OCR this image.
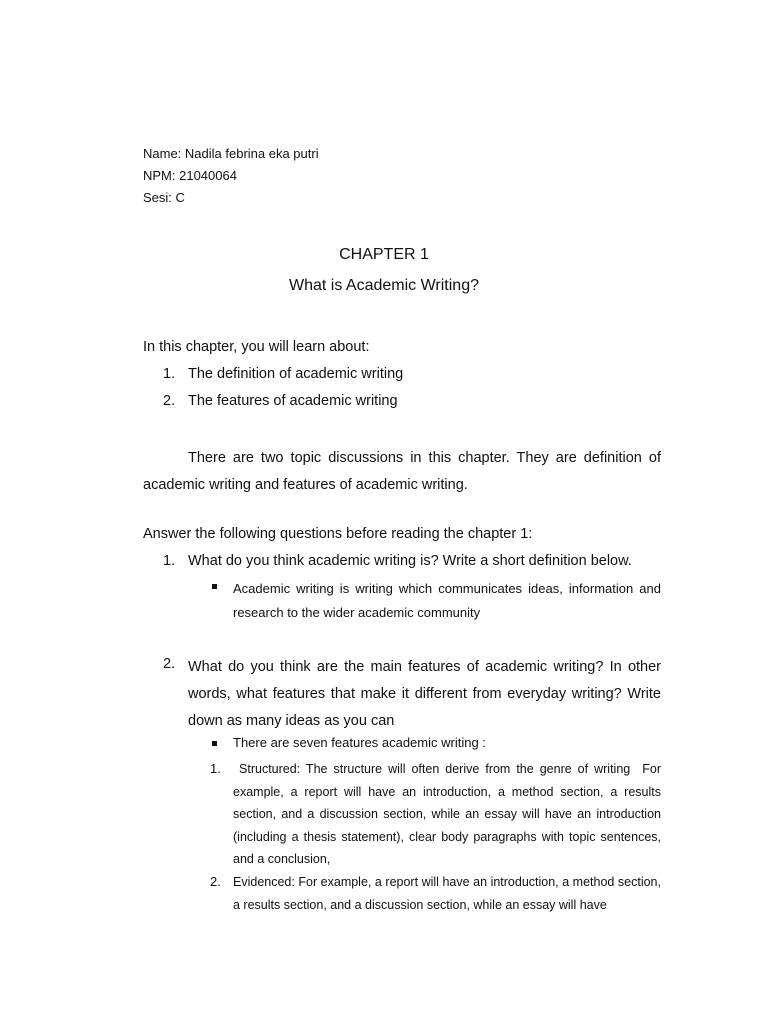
Name: Nadila febrina eka putri
NPM: 21040064
Sesi: C
CHAPTER 1
What is Academic Writing?
In this chapter, you will learn about:
1. The definition of academic writing
2. The features of academic writing
There are two topic discussions in this chapter. They are definition of academic writing and features of academic writing.
Answer the following questions before reading the chapter 1:
1. What do you think academic writing is? Write a short definition below.
Academic writing is writing which communicates ideas, information and research to the wider academic community
2. What do you think are the main features of academic writing? In other words, what features that make it different from everyday writing? Write down as many ideas as you can
There are seven features academic writing :
1. Structured: The structure will often derive from the genre of writing  For example, a report will have an introduction, a method section, a results section, and a discussion section, while an essay will have an introduction (including a thesis statement), clear body paragraphs with topic sentences, and a conclusion,
2. Evidenced: For example, a report will have an introduction, a method section, a results section, and a discussion section, while an essay will have
